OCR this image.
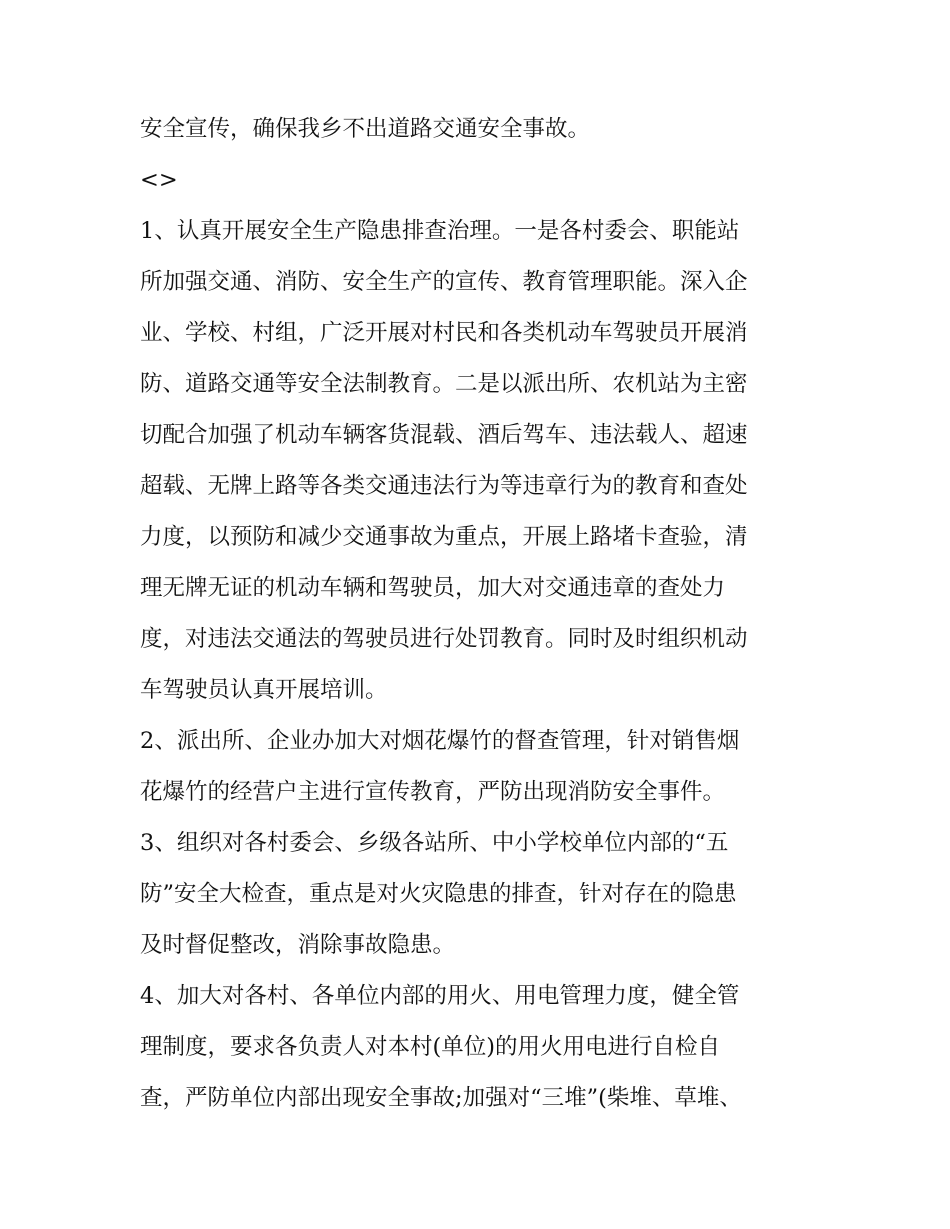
安全宣传，确保我乡不出道路交通安全事故。
<>
1、认真开展安全生产隐患排查治理。一是各村委会、职能站
所加强交通、消防、安全生产的宣传、教育管理职能。深入企
业、学校、村组，广泛开展对村民和各类机动车驾驶员开展消
防、道路交通等安全法制教育。二是以派出所、农机站为主密
切配合加强了机动车辆客货混载、酒后驾车、违法载人、超速
超载、无牌上路等各类交通违法行为等违章行为的教育和查处
力度，以预防和减少交通事故为重点，开展上路堵卡查验，清
理无牌无证的机动车辆和驾驶员，加大对交通违章的查处力
度，对违法交通法的驾驶员进行处罚教育。同时及时组织机动
车驾驶员认真开展培训。
2、派出所、企业办加大对烟花爆竹的督查管理，针对销售烟
花爆竹的经营户主进行宣传教育，严防出现消防安全事件。
3、组织对各村委会、乡级各站所、中小学校单位内部的“五
防”安全大检查，重点是对火灾隐患的排查，针对存在的隐患
及时督促整改，消除事故隐患。
4、加大对各村、各单位内部的用火、用电管理力度，健全管
理制度，要求各负责人对本村(单位)的用火用电进行自检自
查，严防单位内部出现安全事故;加强对“三堆”(柴堆、草堆、
